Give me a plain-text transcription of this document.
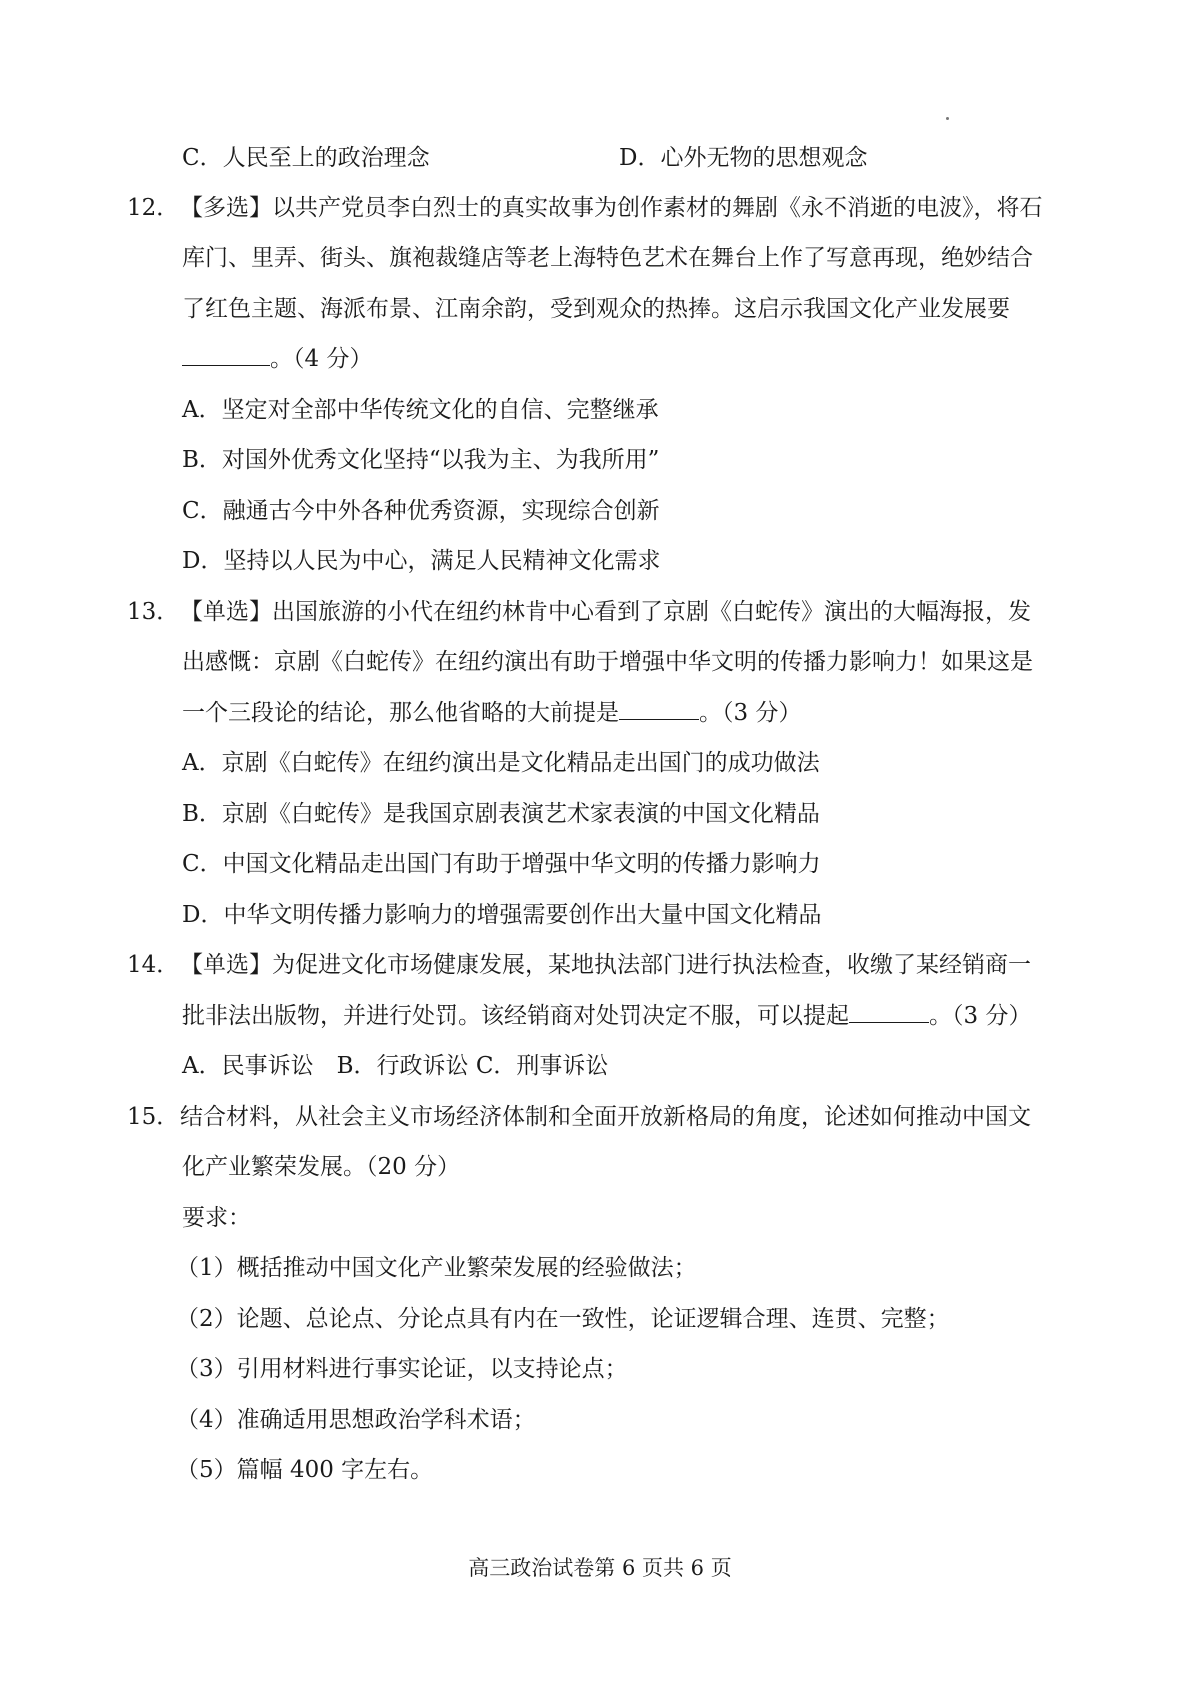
C．人民至上的政治理念	D．心外无物的思想观念
12． 【多选】以共产党员李白烈士的真实故事为创作素材的舞剧《永不消逝的电波》，将石
库门、里弄、街头、旗袍裁缝店等老上海特色艺术在舞台上作了写意再现，绝妙结合
了红色主题、海派布景、江南余韵，受到观众的热捧。这启示我国文化产业发展要
。（4 分）
A．坚定对全部中华传统文化的自信、完整继承
B．对国外优秀文化坚持“以我为主、为我所用”
C．融通古今中外各种优秀资源，实现综合创新
D．坚持以人民为中心，满足人民精神文化需求
13． 【单选】出国旅游的小代在纽约林肯中心看到了京剧《白蛇传》演出的大幅海报，发
出感慨：京剧《白蛇传》在纽约演出有助于增强中华文明的传播力影响力！如果这是
一个三段论的结论，那么他省略的大前提是	。（3 分）
A．京剧《白蛇传》在纽约演出是文化精品走出国门的成功做法
B．京剧《白蛇传》是我国京剧表演艺术家表演的中国文化精品
C．中国文化精品走出国门有助于增强中华文明的传播力影响力
D．中华文明传播力影响力的增强需要创作出大量中国文化精品
14． 【单选】为促进文化市场健康发展，某地执法部门进行执法检查，收缴了某经销商一
批非法出版物，并进行处罚。该经销商对处罚决定不服，可以提起	。（3 分）
A．民事诉讼　B．行政诉讼 C．刑事诉讼
15． 结合材料，从社会主义市场经济体制和全面开放新格局的角度，论述如何推动中国文
化产业繁荣发展。（20 分）
要求：
（1）概括推动中国文化产业繁荣发展的经验做法；
（2）论题、总论点、分论点具有内在一致性，论证逻辑合理、连贯、完整；
（3）引用材料进行事实论证，以支持论点；
（4）准确适用思想政治学科术语；
（5）篇幅 400 字左右。
高三政治试卷第 6 页共 6 页
